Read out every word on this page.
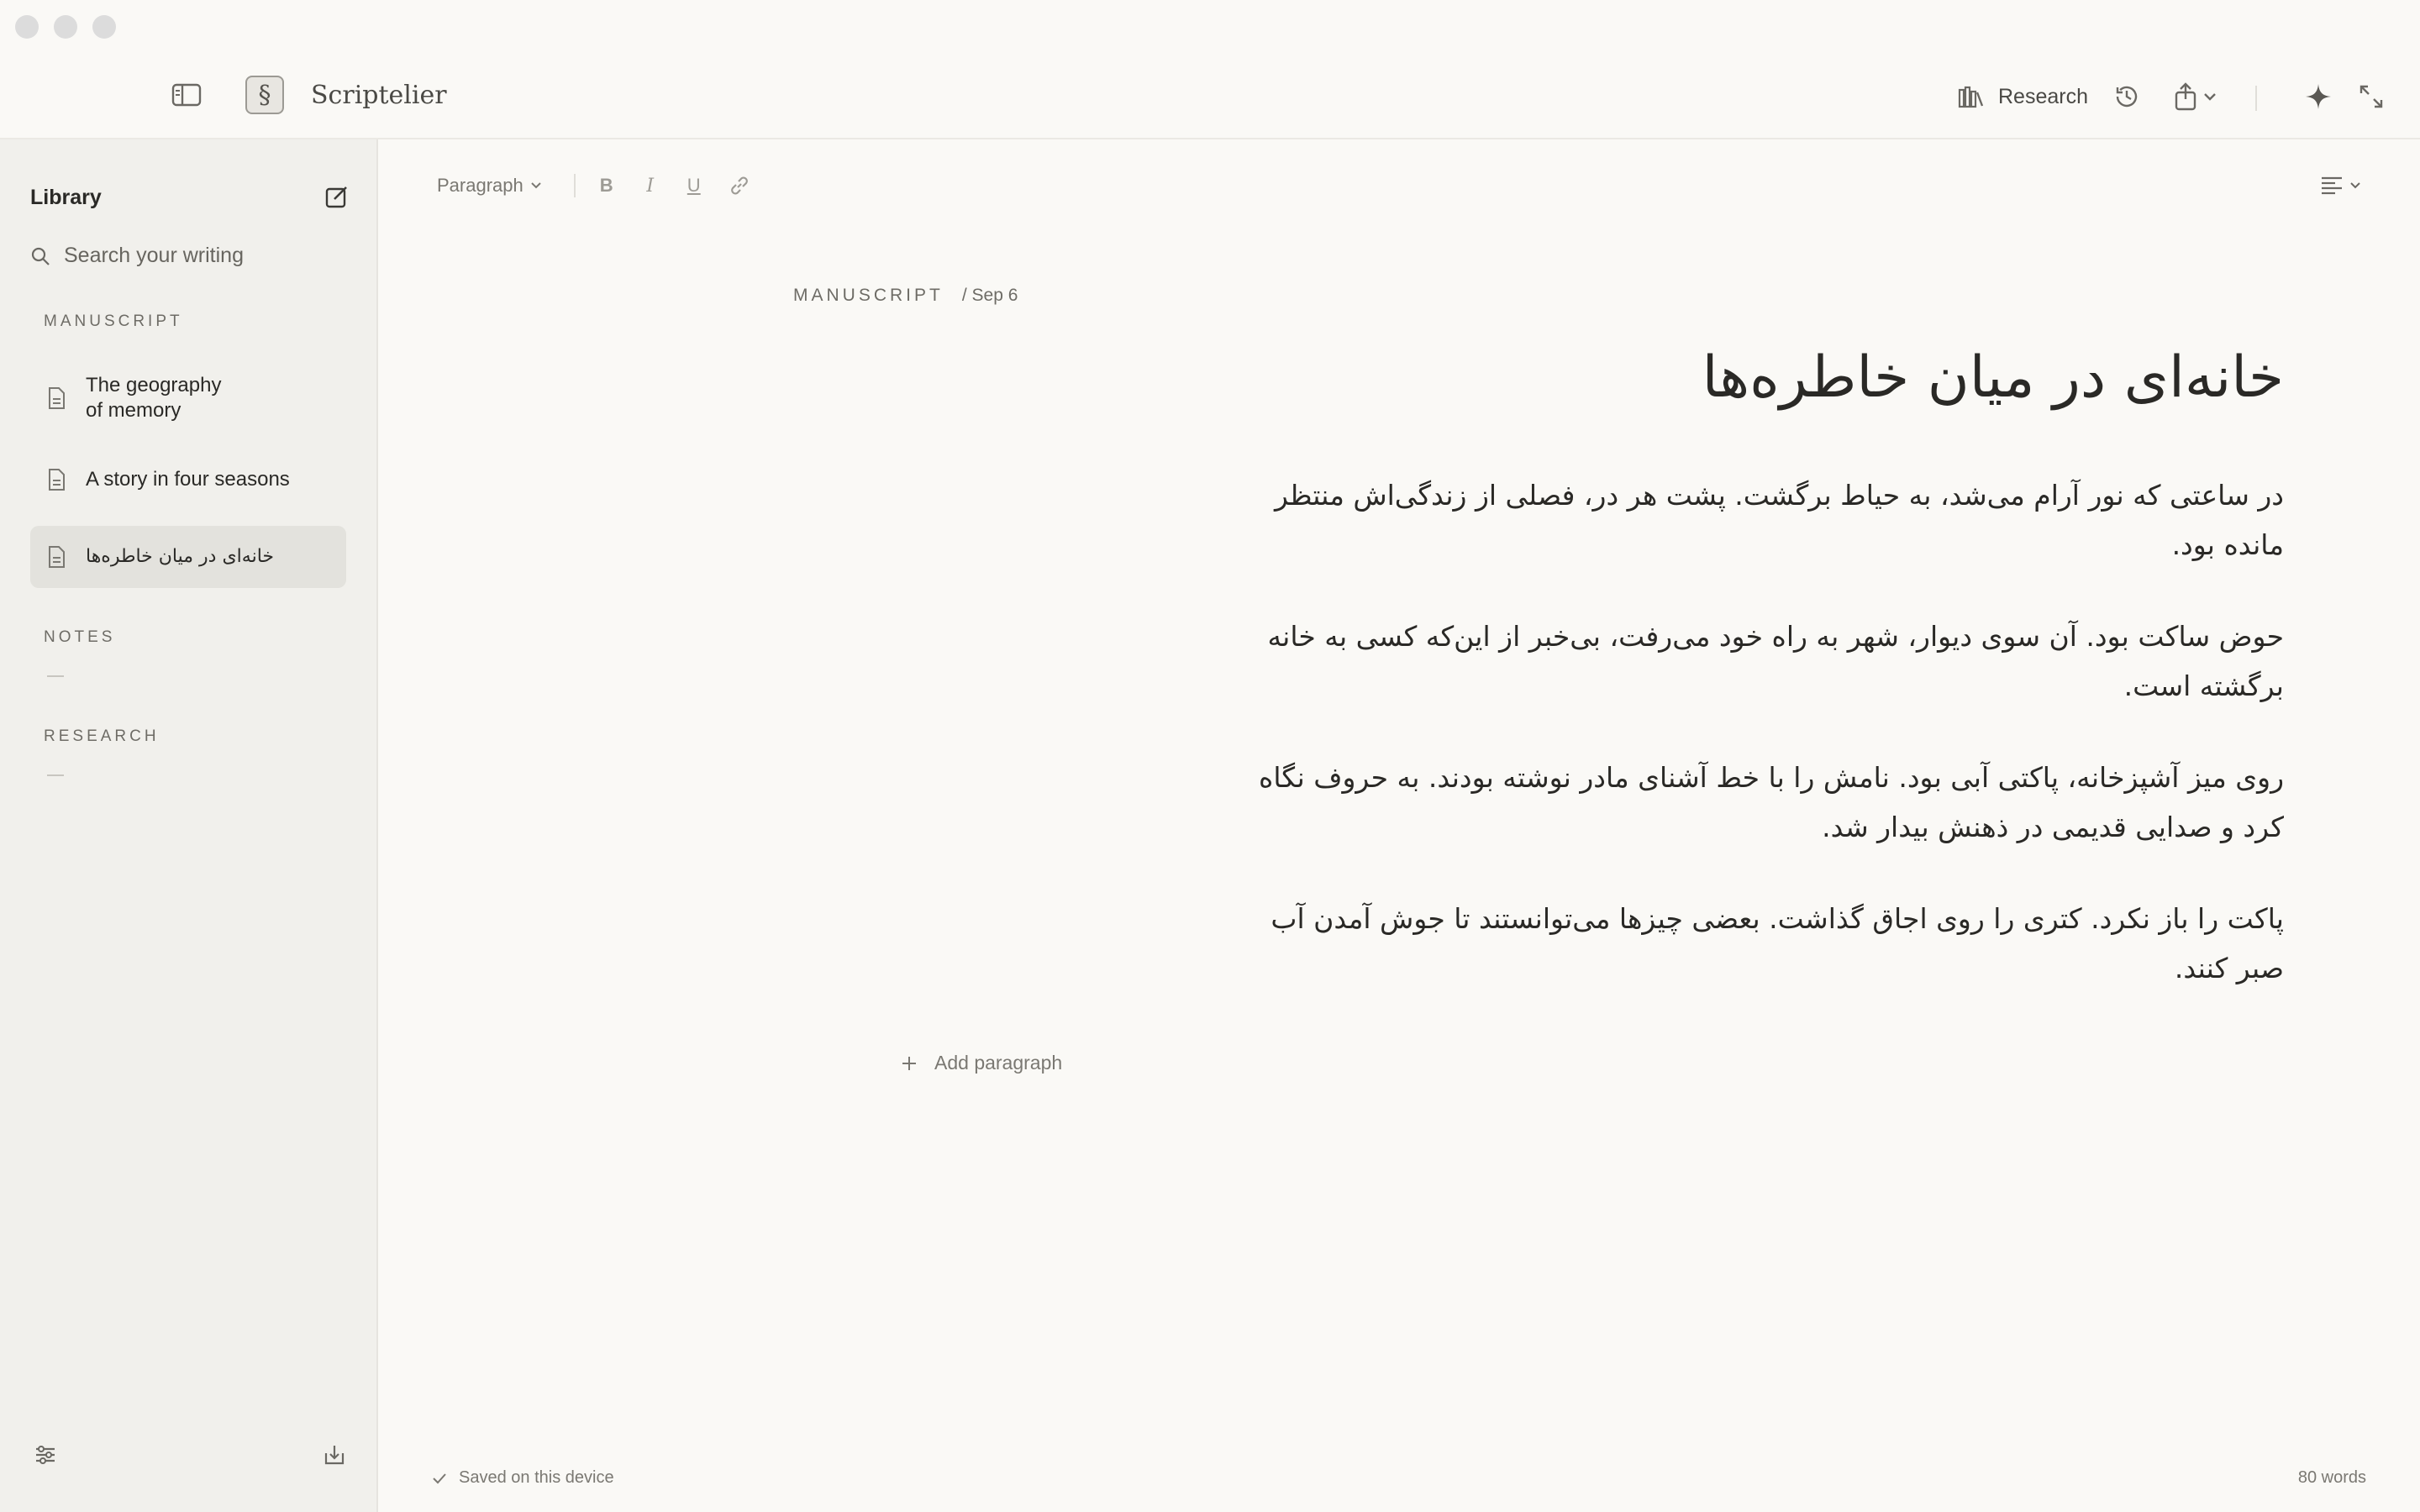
§	Scriptelier	Research
Library
Search your writing
MANUSCRIPT
The geography
of memory
A story in four seasons
خانه‌ای در میان خاطره‌ها
NOTES
RESEARCH
Paragraph	B	I	U
MANUSCRIPT / Sep 6
خانه‌ای در میان خاطره‌ها
در ساعتی که نور آرام می‌شد، به حیاط برگشت. پشت هر در، فصلی از زندگی‌اش منتظر مانده بود.
حوض ساکت بود. آن سوی دیوار، شهر به راه خود می‌رفت، بی‌خبر از این‌که کسی به خانه برگشته است.
روی میز آشپزخانه، پاکتی آبی بود. نامش را با خط آشنای مادر نوشته بودند. به حروف نگاه کرد و صدایی قدیمی در ذهنش بیدار شد.
پاکت را باز نکرد. کتری را روی اجاق گذاشت. بعضی چیزها می‌توانستند تا جوش آمدن آب صبر کنند.
Add paragraph
Saved on this device	80 words
